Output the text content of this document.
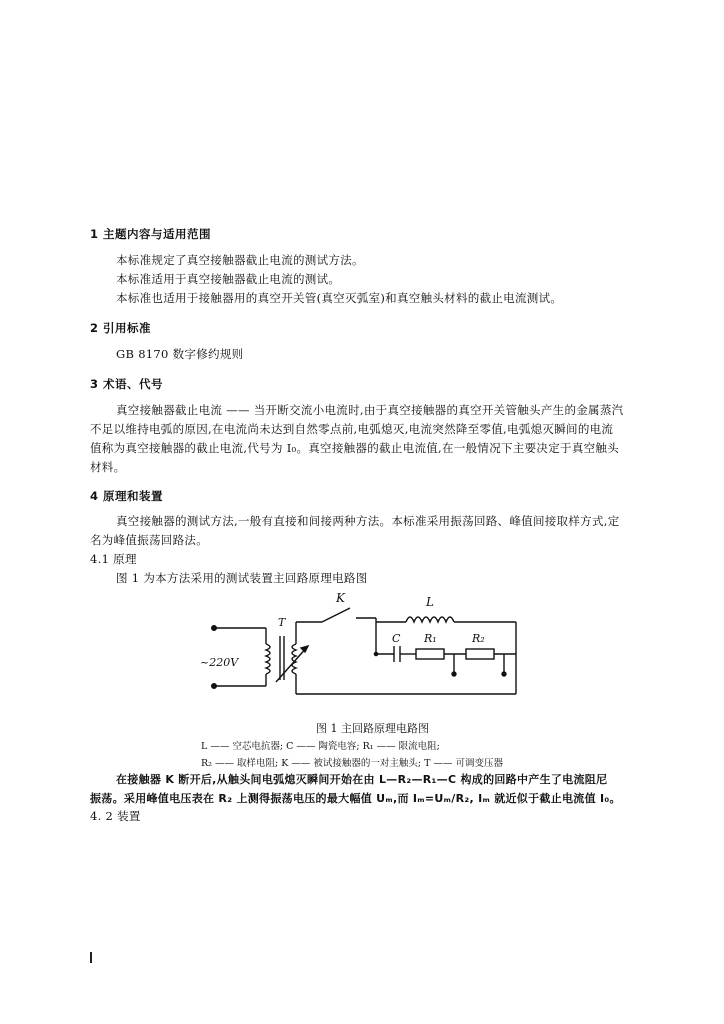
1 主题内容与适用范围
本标准规定了真空接触器截止电流的测试方法。
本标准适用于真空接触器截止电流的测试。
本标准也适用于接触器用的真空开关管(真空灭弧室)和真空触头材料的截止电流测试。
2 引用标准
GB 8170 数字修约规则
3 术语、代号
真空接触器截止电流 —— 当开断交流小电流时,由于真空接触器的真空开关管触头产生的金属蒸汽
不足以维持电弧的原因,在电流尚未达到自然零点前,电弧熄灭,电流突然降至零值,电弧熄灭瞬间的电流
值称为真空接触器的截止电流,代号为 I₀。真空接触器的截止电流值,在一般情况下主要决定于真空触头
材料。
4 原理和装置
真空接触器的测试方法,一般有直接和间接两种方法。本标准采用振荡回路、峰值间接取样方式,定
名为峰值振荡回路法。
4.1 原理
图 1 为本方法采用的测试装置主回路原理电路图
K	L
T
C R₁	R₂
~220V
图 1 主回路原理电路图
L —— 空芯电抗器; C —— 陶瓷电容; R₁ —— 限流电阻;
R₂ —— 取样电阻; K —— 被试接触器的一对主触头; T —— 可调变压器
在接触器 K 断开后,从触头间电弧熄灭瞬间开始在由 L—R₂—R₁—C 构成的回路中产生了电流阻尼
振荡。采用峰值电压表在 R₂ 上测得振荡电压的最大幅值 Uₘ,而 Iₘ=Uₘ/R₂, Iₘ 就近似于截止电流值 I₀。
4. 2 装置
